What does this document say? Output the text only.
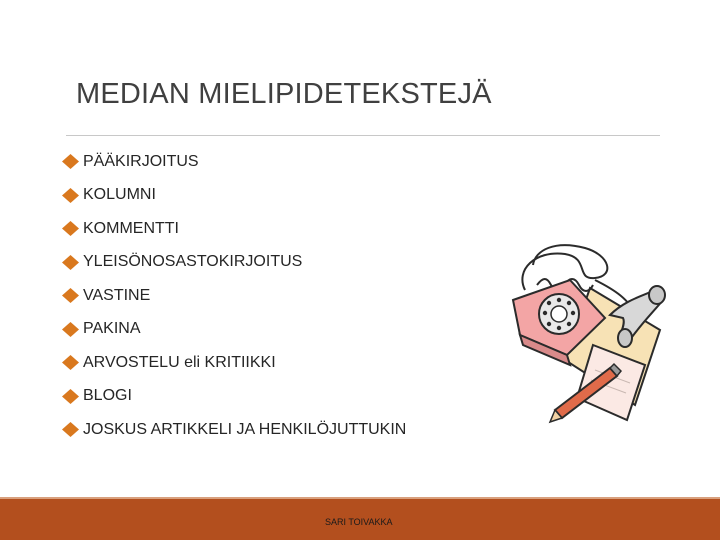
MEDIAN MIELIPIDETEKSTEJÄ
PÄÄKIRJOITUS
KOLUMNI
KOMMENTTI
YLEISÖNOSASTOKIRJOITUS
VASTINE
PAKINA
ARVOSTELU eli KRITIIKKI
BLOGI
JOSKUS ARTIKKELI JA HENKILÖJUTTUKIN
SARI TOIVAKKA
